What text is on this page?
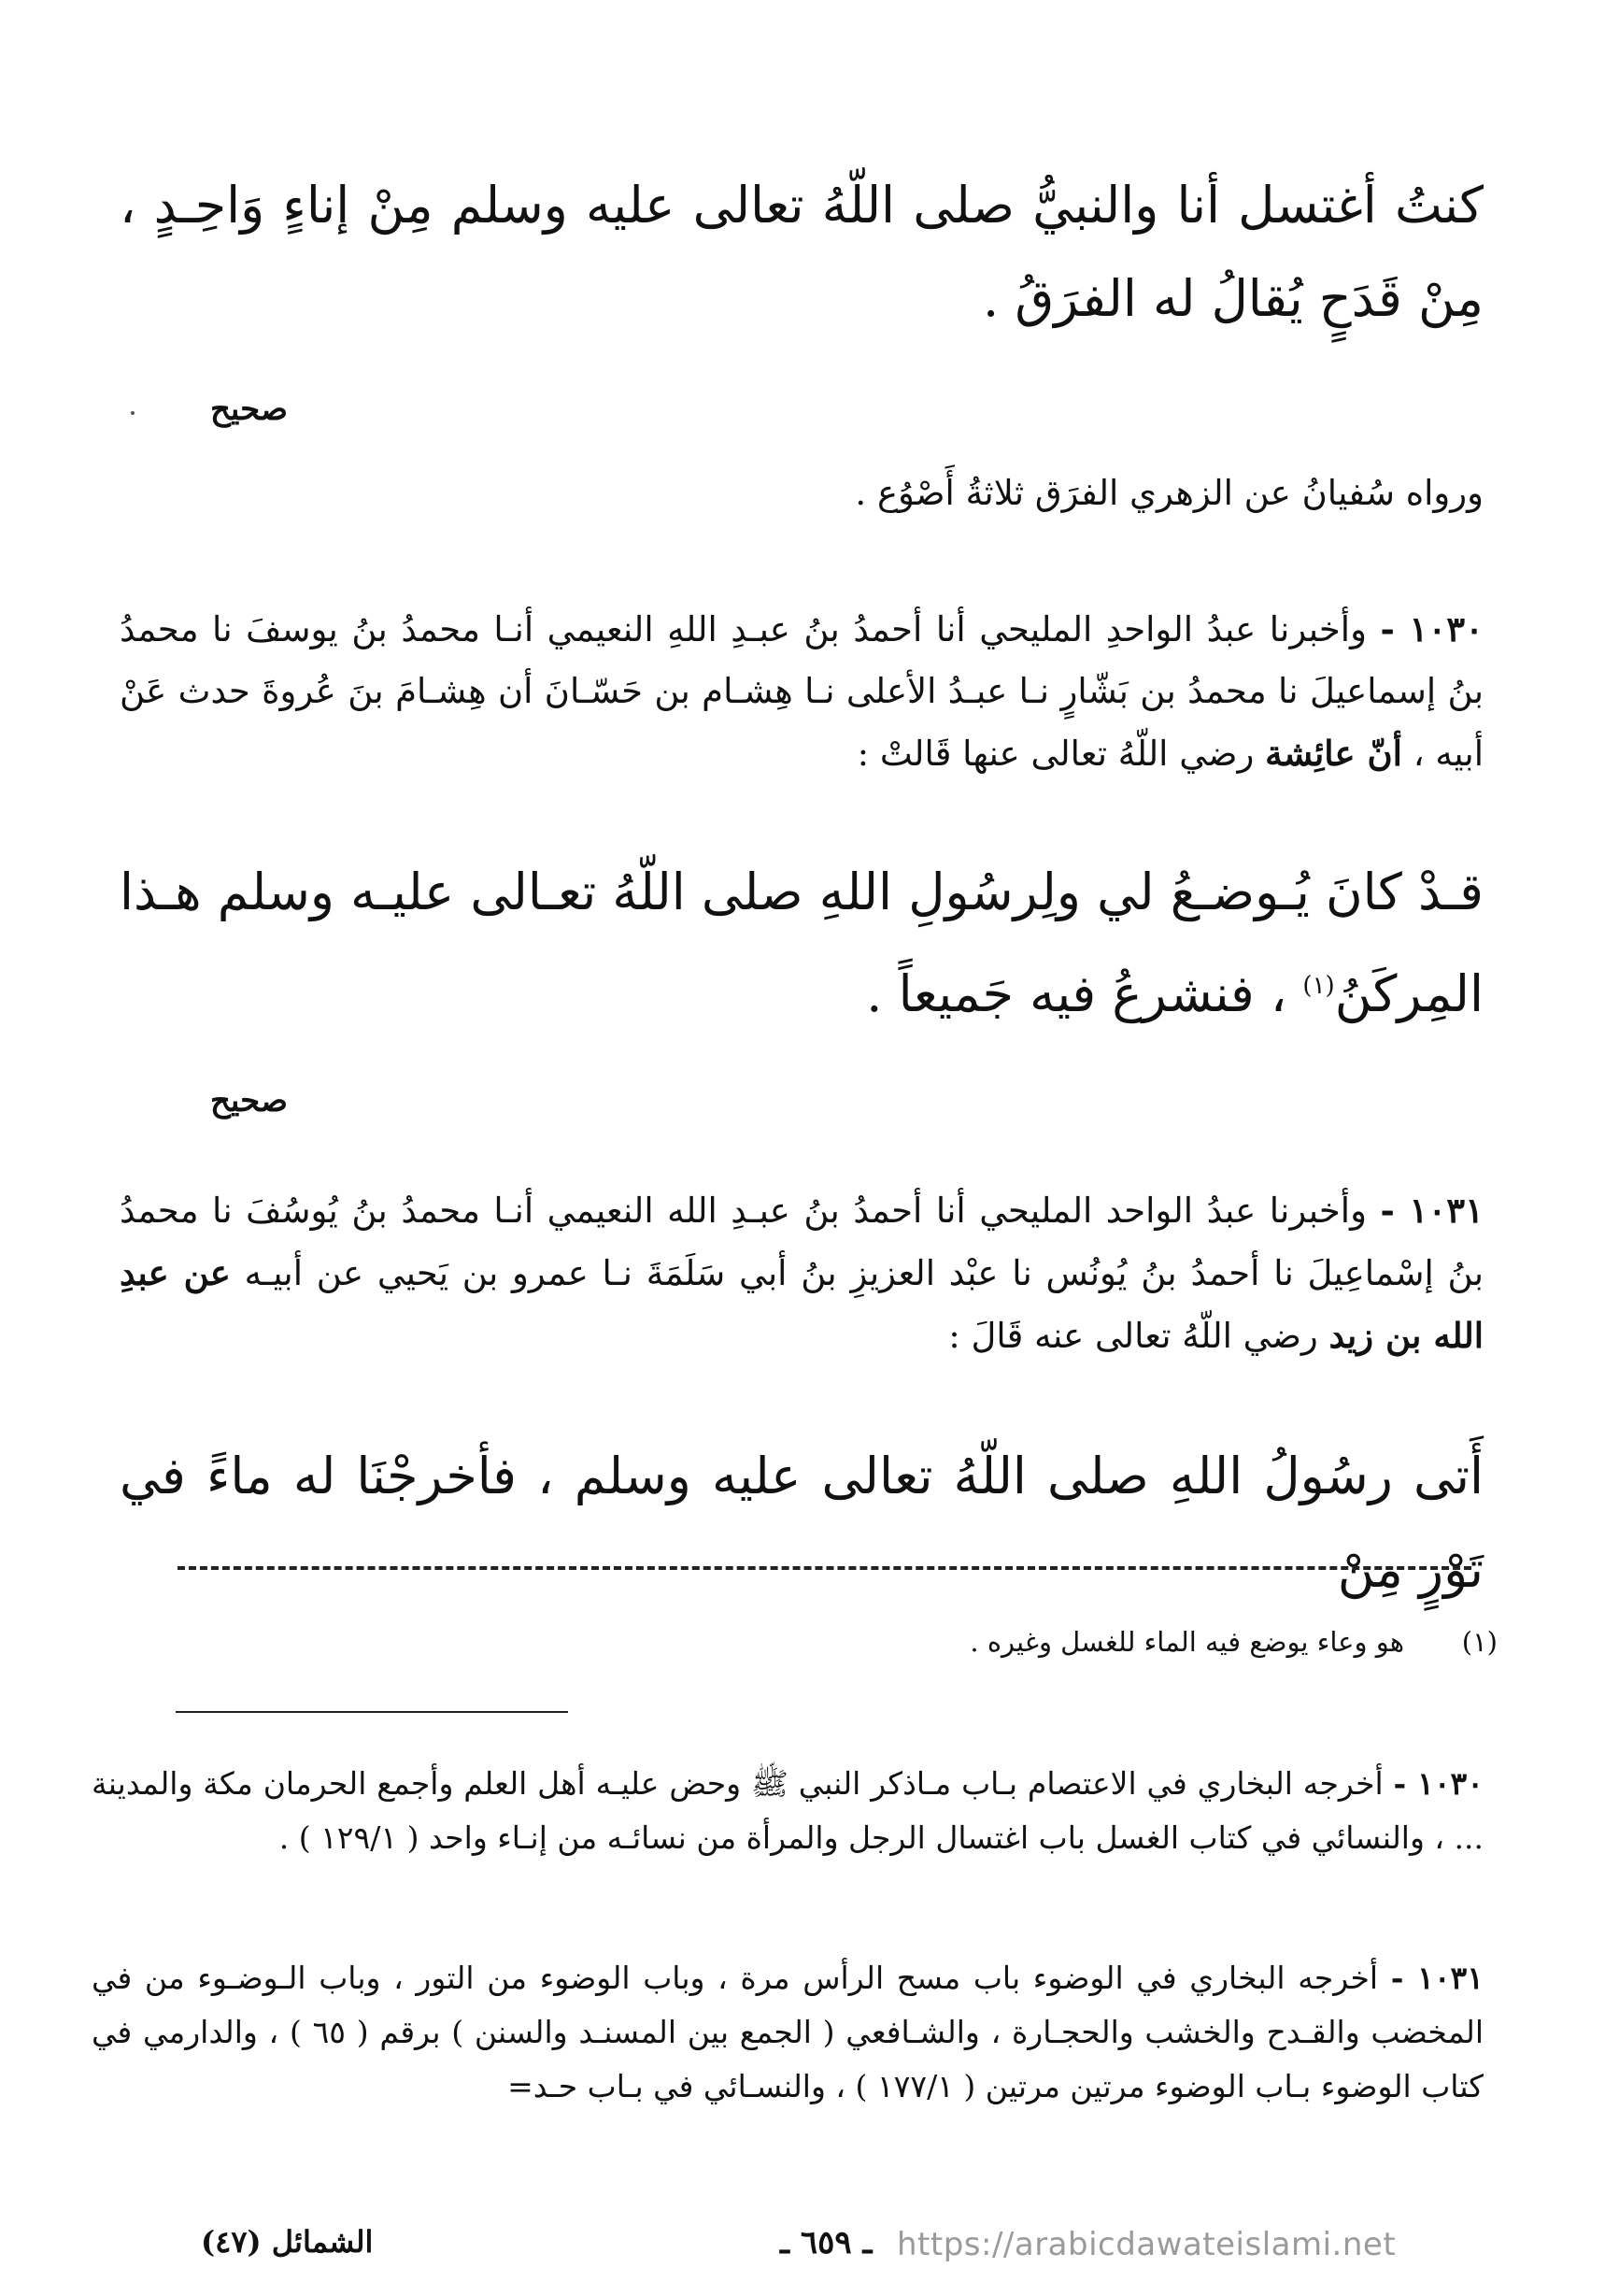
كنتُ أغتسل أنا والنبيُّ صلى اللّهُ تعالى عليه وسلم مِنْ إناءٍ وَاحِـدٍ ، مِنْ قَدَحٍ يُقالُ له الفرَقُ .
صحيح
ورواه سُفيانُ عن الزهري الفرَق ثلاثةُ أَصْوُع .
١٠٣٠ - وأخبرنا عبدُ الواحدِ المليحي أنا أحمدُ بنُ عبـدِ اللهِ النعيمي أنـا محمدُ بنُ يوسفَ نا محمدُ بنُ إسماعيلَ نا محمدُ بن بَشّارٍ نـا عبـدُ الأعلى نـا هِشـام بن حَسّـانَ أن هِشـامَ بنَ عُروةَ حدث عَنْ أبيه ، أنّ عائِشة رضي اللّهُ تعالى عنها قَالتْ :
قـدْ كانَ يُـوضـعُ لي ولِرسُولِ اللهِ صلى اللّهُ تعـالى عليـه وسلم هـذا المِركَنُ$^{(١)}$ ، فنشرعُ فيه جَميعاً .
صحيح
١٠٣١ - وأخبرنا عبدُ الواحد المليحي أنا أحمدُ بنُ عبـدِ الله النعيمي أنـا محمدُ بنُ يُوسُفَ نا محمدُ بنُ إسْماعِيلَ نا أحمدُ بنُ يُونُس نا عبْد العزيزِ بنُ أبي سَلَمَةَ نـا عمرو بن يَحيي عن أبيـه عن عبدِ الله بن زيد رضي اللّهُ تعالى عنه قَالَ :
أَتى رسُولُ اللهِ صلى اللّهُ تعالى عليه وسلم ، فأخرجْنَا له ماءً في تَوْرٍ مِنْ
(١)
هو وعاء يوضع فيه الماء للغسل وغيره .
١٠٣٠ - أخرجه البخاري في الاعتصام بـاب مـاذكر النبي ﷺ وحض عليـه أهل العلم وأجمع الحرمان مكة والمدينة ... ، والنسائي في كتاب الغسل باب اغتسال الرجل والمرأة من نسائـه من إنـاء واحد ( ١٢٩/١ ) .
١٠٣١ - أخرجه البخاري في الوضوء باب مسح الرأس مرة ، وباب الوضوء من التور ، وباب الـوضـوء من في المخضب والقـدح والخشب والحجـارة ، والشـافعي ( الجمع بين المسنـد والسنن ) برقم ( ٦٥ ) ، والدارمي في كتاب الوضوء بـاب الوضوء مرتين مرتين ( ١٧٧/١ ) ، والنسـائي في بـاب حـد=
الشمائل (٤٧)	ـ ٦٥٩ ـ https://arabicdawateislami.net
